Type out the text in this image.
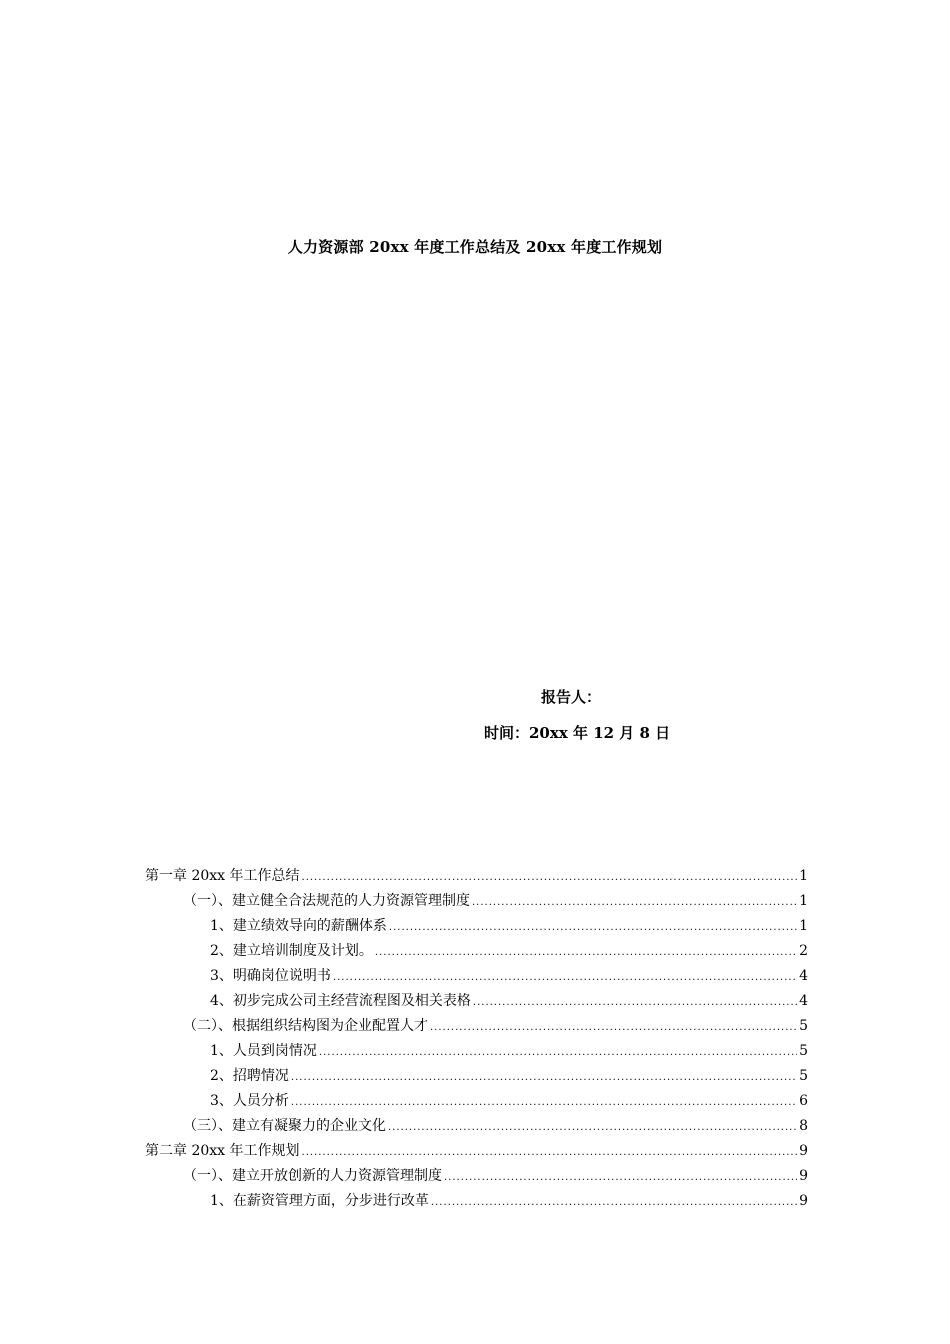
人力资源部 20xx 年度工作总结及 20xx 年度工作规划
报告人：
时间：20xx 年 12 月 8 日
第一章 20xx 年工作总结 .....	1
（一）、建立健全合法规范的人力资源管理制度 .....	1
1、建立绩效导向的薪酬体系 .....	1
2、建立培训制度及计划。 .....	2
3、明确岗位说明书 .....	4
4、初步完成公司主经营流程图及相关表格 .....	4
（二）、根据组织结构图为企业配置人才 .....	5
1、人员到岗情况 .....	5
2、招聘情况 .....	5
3、人员分析 .....	6
（三）、建立有凝聚力的企业文化 .....	8
第二章 20xx 年工作规划 .....	9
（一）、建立开放创新的人力资源管理制度 .....	9
1、在薪资管理方面，分步进行改革 .....	9
